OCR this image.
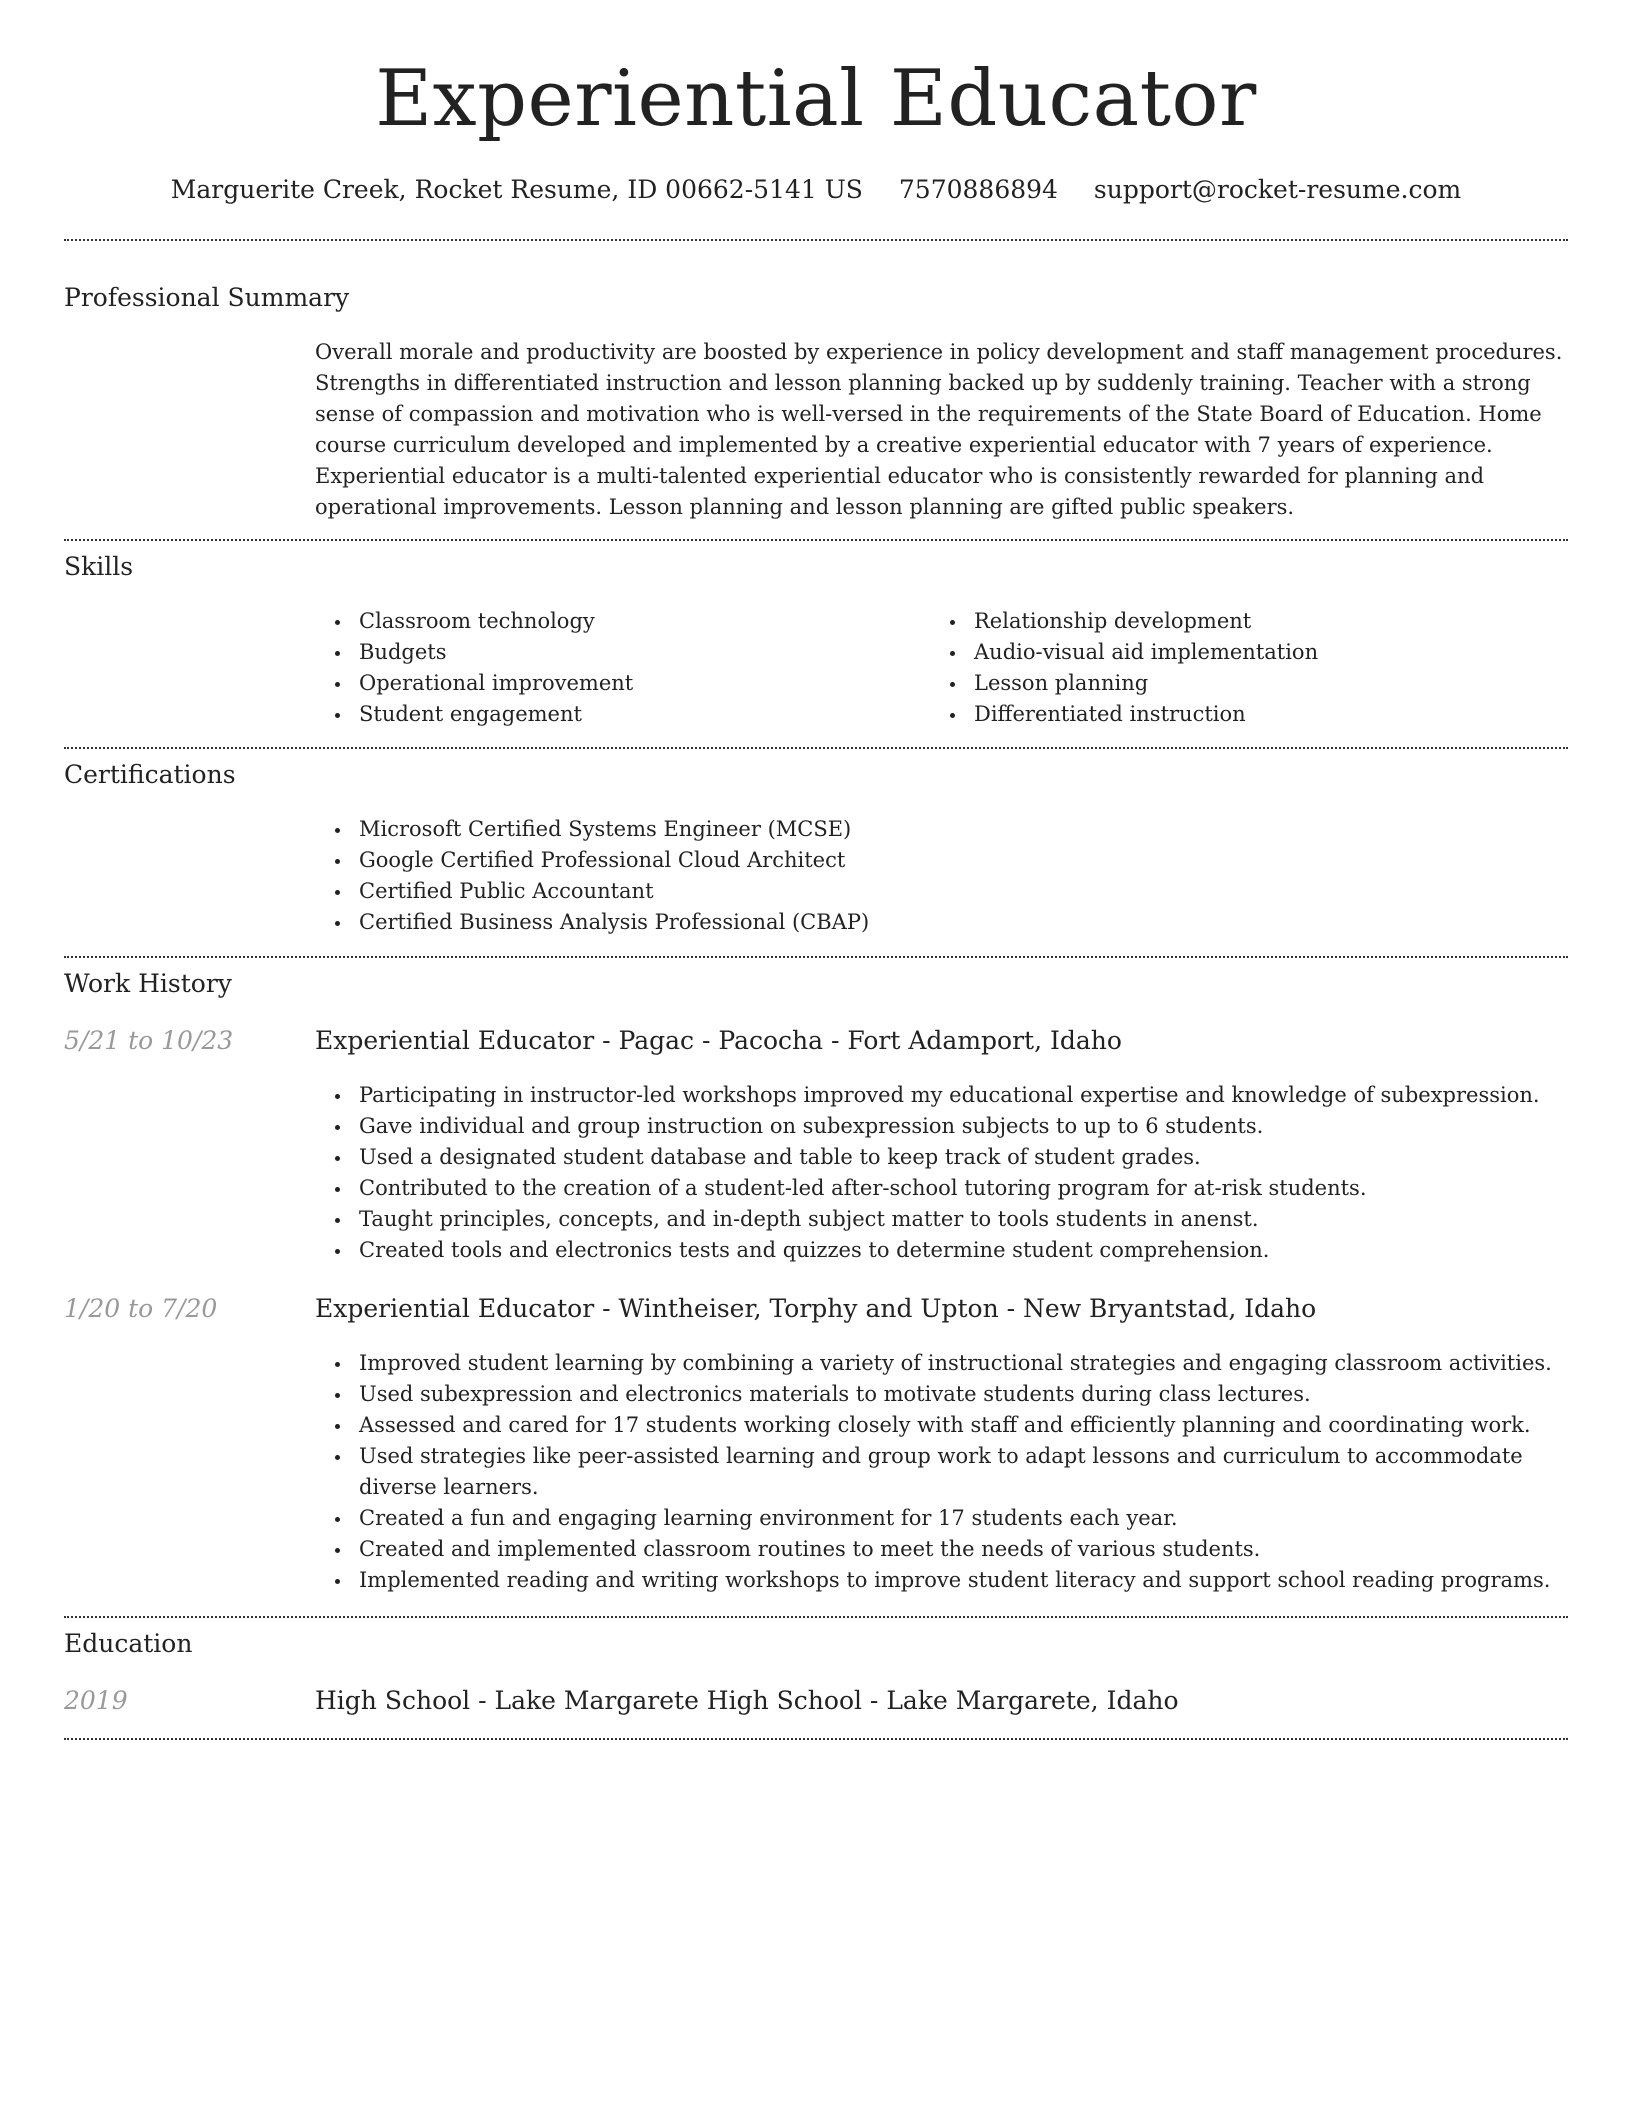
Experiential Educator
Marguerite Creek, Rocket Resume, ID 00662-5141 US 7570886894 support@rocket-resume.com
Professional Summary

Overall morale and productivity are boosted by experience in policy development and staff management procedures. Strengths in differentiated instruction and lesson planning backed up by suddenly training. Teacher with a strong sense of compassion and motivation who is well-versed in the requirements of the State Board of Education. Home course curriculum developed and implemented by a creative experiential educator with 7 years of experience. Experiential educator is a multi-talented experiential educator who is consistently rewarded for planning and operational improvements. Lesson planning and lesson planning are gifted public speakers.

Skills
Classroom technology
Budgets
Operational improvement
Student engagement
Relationship development
Audio-visual aid implementation
Lesson planning
Differentiated instruction
Certifications
Microsoft Certified Systems Engineer (MCSE)
Google Certified Professional Cloud Architect
Certified Public Accountant
Certified Business Analysis Professional (CBAP)
Work History
5/21 to 10/23	Experiential Educator - Pagac - Pacocha - Fort Adamport, Idaho
Participating in instructor-led workshops improved my educational expertise and knowledge of subexpression.
Gave individual and group instruction on subexpression subjects to up to 6 students.
Used a designated student database and table to keep track of student grades.
Contributed to the creation of a student-led after-school tutoring program for at-risk students.
Taught principles, concepts, and in-depth subject matter to tools students in anenst.
Created tools and electronics tests and quizzes to determine student comprehension.
1/20 to 7/20	Experiential Educator - Wintheiser, Torphy and Upton - New Bryantstad, Idaho
Improved student learning by combining a variety of instructional strategies and engaging classroom activities.
Used subexpression and electronics materials to motivate students during class lectures.
Assessed and cared for 17 students working closely with staff and efficiently planning and coordinating work.
Used strategies like peer-assisted learning and group work to adapt lessons and curriculum to accommodate diverse learners.
Created a fun and engaging learning environment for 17 students each year.
Created and implemented classroom routines to meet the needs of various students.
Implemented reading and writing workshops to improve student literacy and support school reading programs.
Education
2019	High School - Lake Margarete High School - Lake Margarete, Idaho
